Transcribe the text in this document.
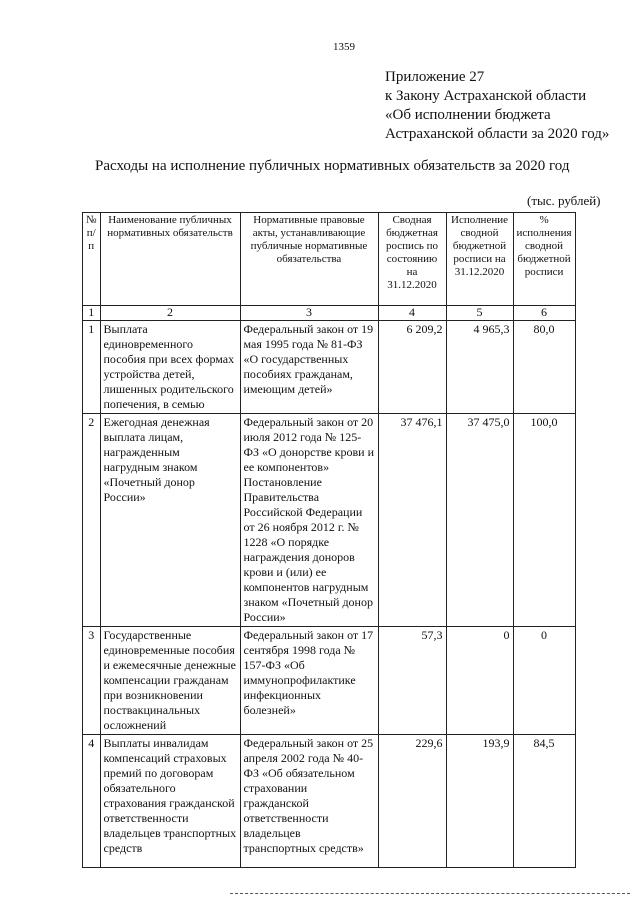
1359
Приложение 27
к Закону Астраханской области
«Об исполнении бюджета
Астраханской области за 2020 год»
Расходы на исполнение публичных нормативных обязательств за 2020 год
(тыс. рублей)
№ п/п	Наименование публичных нормативных обязательств	Нормативные правовые акты, устанавливающие публичные нормативные обязательства	Сводная бюджетная роспись по состоянию на 31.12.2020	Исполнение сводной бюджетной росписи на 31.12.2020	% исполнения сводной бюджетной росписи
1	2	3	4	5	6
1	Выплата единовременного пособия при всех формах устройства детей, лишенных родительского попечения, в семью	Федеральный закон от 19 мая 1995 года № 81-ФЗ «О государственных пособиях гражданам, имеющим детей»	6 209,2	4 965,3	80,0
2	Ежегодная денежная выплата лицам, награжденным нагрудным знаком «Почетный донор России»	Федеральный закон от 20 июля 2012 года № 125-ФЗ «О донорстве крови и ее компонентов» Постановление Правительства Российской Федерации от 26 ноября 2012 г. № 1228 «О порядке награждения доноров крови и (или) ее компонентов нагрудным знаком «Почетный донор России»	37 476,1	37 475,0	100,0
3	Государственные единовременные пособия и ежемесячные денежные компенсации гражданам при возникновении поствакцинальных осложнений	Федеральный закон от 17 сентября 1998 года № 157-ФЗ «Об иммунопрофилактике инфекционных болезней»	57,3	0	0
4	Выплаты инвалидам компенсаций страховых премий по договорам обязательного страхования гражданской ответственности владельцев транспортных средств	Федеральный закон от 25 апреля 2002 года № 40-ФЗ «Об обязательном страховании гражданской ответственности владельцев транспортных средств»	229,6	193,9	84,5
